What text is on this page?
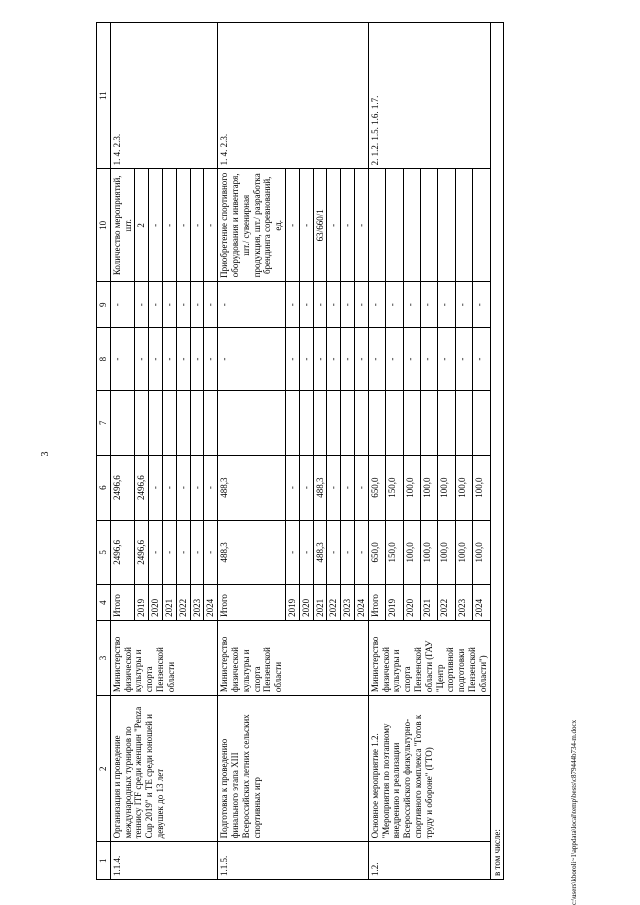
3
1	2	3	4	5	6	7	8	9	10	11
1.1.4.	Организация и проведение международных турниров по теннису ITF среди женщин "Penza Cup 2019" и TE среди юношей и девушек до 13 лет	Министерство физической культуры и спорта Пензенской области	Итого	2496,6	2496,6		-	-	Количество мероприятий, шт.	1. 4. 2.3.
			2019	2496,6	2496,6		-	-	2	
			2020	-	-		-	-	-	
			2021	-	-		-	-	-	
			2022	-	-		-	-	-	
			2023	-	-		-	-	-	
			2024	-	-		-	-	-	
1.1.5.	Подготовка к проведению финального этапа XIII Всероссийских летних сельских спортивных игр	Министерство физической культуры и спорта Пензенской области	Итого	488,3	488,3		-	-	Приобретение спортивного оборудования и инвентаря, шт./ сувенирная продукция, шт./ разработка брендинга соревнований, ед.	1. 4. 2.3.
			2019	-	-		-	-	-	
			2020	-	-		-	-	-	
			2021	488,3	488,3		-	-	63/660/1	
			2022	-	-		-	-	-	
			2023	-	-		-	-	-	
			2024	-	-		-	-	-	
1.2.	Основное мероприятие 1.2. "Мероприятия по поэтапному внедрению и реализации Всероссийского физкультурно-спортивного комплекса "Готов к труду и обороне" (ГТО)	Министерство физической культуры и спорта Пензенской области (ГАУ "Центр спортивной подготовки Пензенской области")	Итого	650,0	650,0		-	-		2. 1.2. 1.5. 1.6. 1.7.
			2019	150,0	150,0		-	-		
			2020	100,0	100,0		-	-		
			2021	100,0	100,0		-	-		
			2022	100,0	100,0		-	-		
			2023	100,0	100,0		-	-		
			2024	100,0	100,0		-	-		
в том числе:											c:\users\kboroli~1\appdata\local\temp\bests\c879444b734-m.docx
